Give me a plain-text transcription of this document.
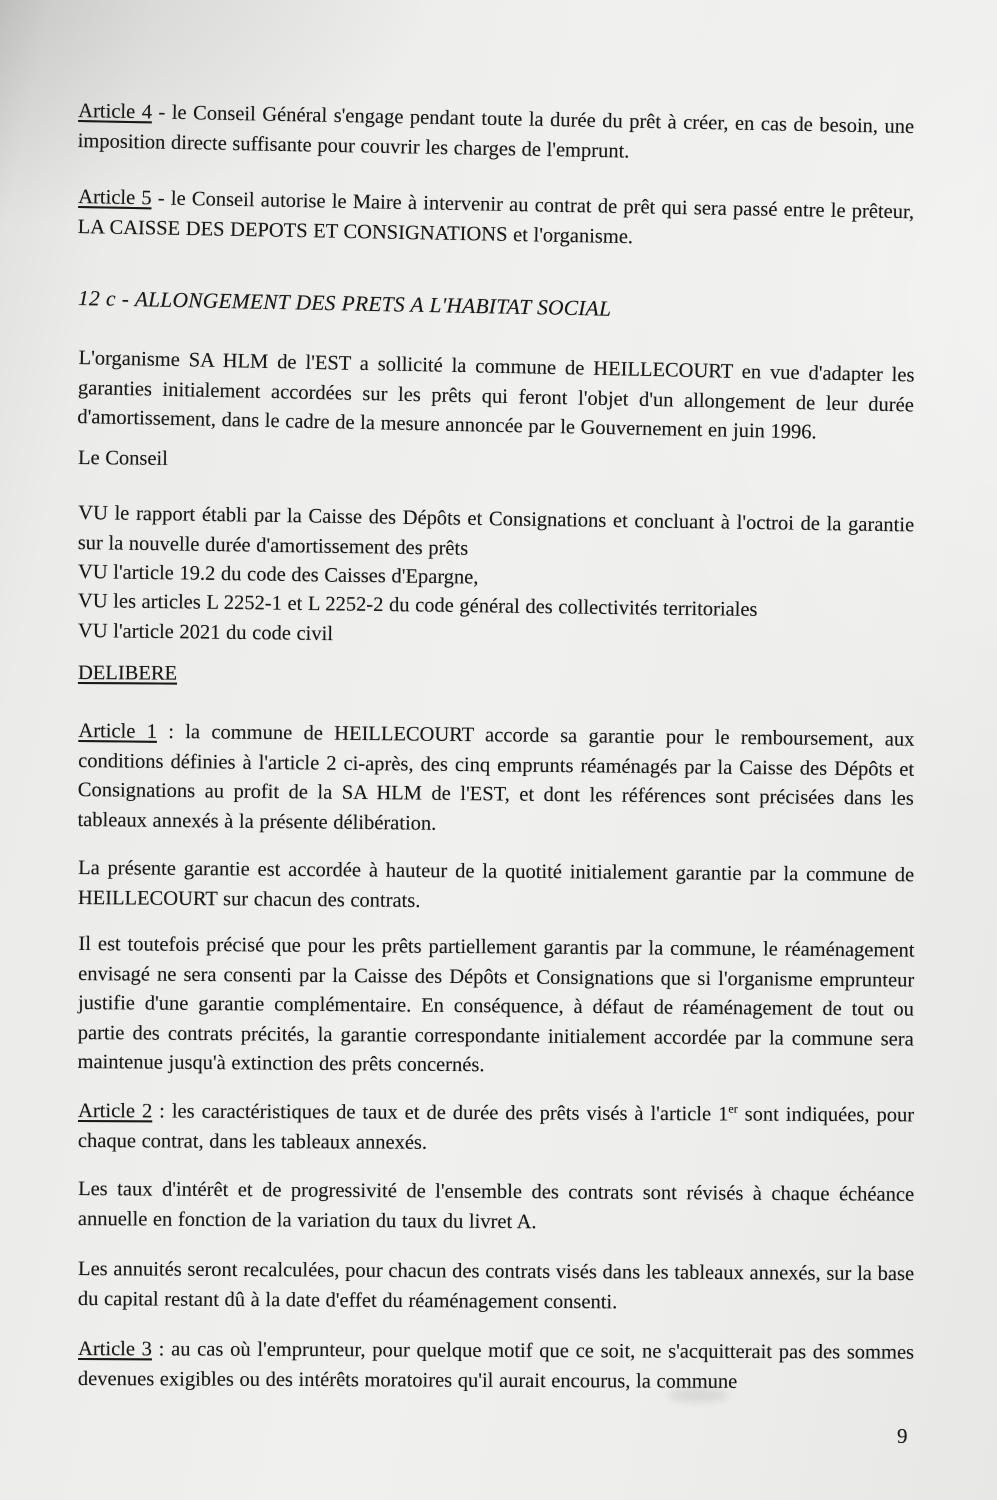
Article 4 - le Conseil Général s'engage pendant toute la durée du prêt à créer, en cas de besoin, une imposition directe suffisante pour couvrir les charges de l'emprunt.

Article 5 - le Conseil autorise le Maire à intervenir au contrat de prêt qui sera passé entre le prêteur, LA CAISSE DES DEPOTS ET CONSIGNATIONS et l'organisme.

12 c - ALLONGEMENT DES PRETS A L'HABITAT SOCIAL

L'organisme SA HLM de l'EST a sollicité la commune de HEILLECOURT en vue d'adapter les garanties initialement accordées sur les prêts qui feront l'objet d'un allongement de leur durée d'amortissement, dans le cadre de la mesure annoncée par le Gouvernement en juin 1996.

Le Conseil

VU le rapport établi par la Caisse des Dépôts et Consignations et concluant à l'octroi de la garantie sur la nouvelle durée d'amortissement des prêts

VU l'article 19.2 du code des Caisses d'Epargne,

VU les articles L 2252-1 et L 2252-2 du code général des collectivités territoriales

VU l'article 2021 du code civil

DELIBERE

Article 1 : la commune de HEILLECOURT accorde sa garantie pour le remboursement, aux conditions définies à l'article 2 ci-après, des cinq emprunts réaménagés par la Caisse des Dépôts et Consignations au profit de la SA HLM de l'EST, et dont les références sont précisées dans les tableaux annexés à la présente délibération.

La présente garantie est accordée à hauteur de la quotité initialement garantie par la commune de HEILLECOURT sur chacun des contrats.

Il est toutefois précisé que pour les prêts partiellement garantis par la commune, le réaménagement envisagé ne sera consenti par la Caisse des Dépôts et Consignations que si l'organisme emprunteur justifie d'une garantie complémentaire. En conséquence, à défaut de réaménagement de tout ou partie des contrats précités, la garantie correspondante initialement accordée par la commune sera maintenue jusqu'à extinction des prêts concernés.

Article 2 : les caractéristiques de taux et de durée des prêts visés à l'article 1er sont indiquées, pour chaque contrat, dans les tableaux annexés.

Les taux d'intérêt et de progressivité de l'ensemble des contrats sont révisés à chaque échéance annuelle en fonction de la variation du taux du livret A.

Les annuités seront recalculées, pour chacun des contrats visés dans les tableaux annexés, sur la base du capital restant dû à la date d'effet du réaménagement consenti.

Article 3 : au cas où l'emprunteur, pour quelque motif que ce soit, ne s'acquitterait pas des sommes devenues exigibles ou des intérêts moratoires qu'il aurait encourus, la commune

9
